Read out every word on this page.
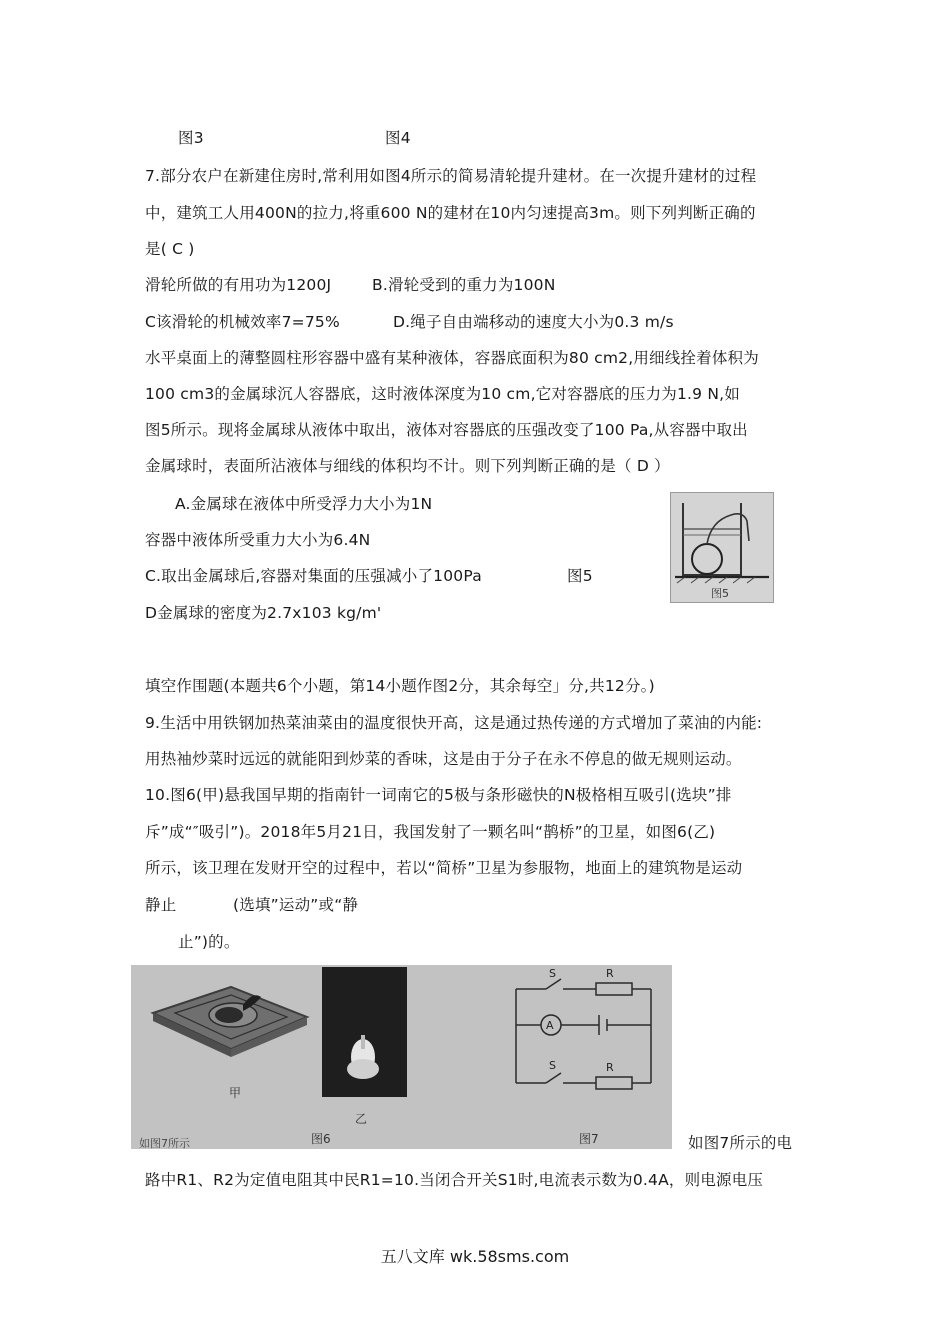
图3	图4
7.部分农户在新建住房时,常利用如图4所示的简易清轮提升建材。在一次提升建材的过程
中，建筑工人用400N的拉力,将重600 N的建材在10内匀速提高3m。则下列判断正确的
是( C )
滑轮所做的有用功为1200J	B.滑轮受到的重力为100N
C该滑轮的机械效率7=75%	D.绳子自由端移动的速度大小为0.3 m/s
水平桌面上的薄整圆柱形容器中盛有某种液体，容器底面积为80 cm2,用细线拴着体积为
100 cm3的金属球沉人容器底，这时液体深度为10 cm,它对容器底的压力为1.9 N,如
图5所示。现将金属球从液体中取出，液体对容器底的压强改变了100 Pa,从容器中取出
金属球时，表面所沾液体与细线的体积均不计。则下列判断正确的是（ D ）
A.金属球在液体中所受浮力大小为1N
容器中液体所受重力大小为6.4N
C.取出金属球后,容器对集面的压强减小了100Pa	图5
D金属球的密度为2.7x103 kg/m'
图5
填空作围题(本题共6个小题，第14小题作图2分，其余每空」分,共12分。)
9.生活中用铁钢加热菜油菜由的温度很快开高，这是通过热传递的方式增加了菜油的内能:
用热袖炒菜时远远的就能阳到炒菜的香味，这是由于分子在永不停息的做无规则运动。
10.图6(甲)悬我国早期的指南针一词南它的5极与条形磁快的N极格相互吸引(选块”排
斥”成“″吸引”)。2018年5月21日，我国发射了一颗名叫“鹊桥”的卫星，如图6(乙)
所示，该卫理在发财开空的过程中，若以“简桥”卫星为参服物，地面上的建筑物是运动
静止	(选填”运动”或“静
止”)的。
甲
乙
图6
A
S	R
S	R
图7
如图7所示	如图7所示的电
路中R1、R2为定值电阻其中民R1=10.当闭合开关S1时,电流表示数为0.4A，则电源电压
五八文库 wk.58sms.com
